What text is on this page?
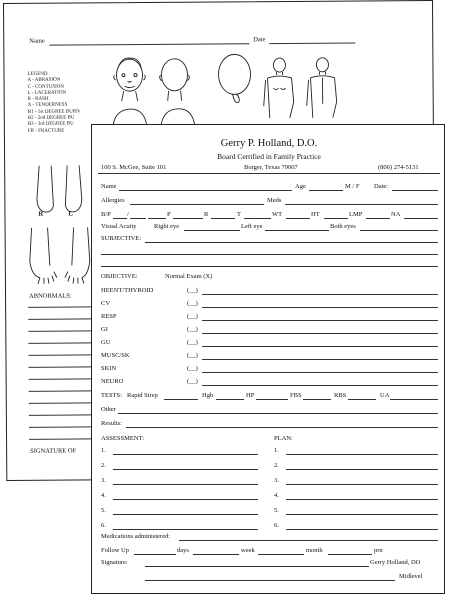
Name	Date
LEGEND
A - ABRASION
C - CONTUSION
L - LACERATION
R - RASH
X - TENDERNESS
B1 - 1st DEGREE BURN
B2 - 2nd DEGREE BU
B3 - 3rd DEGREE BU
FR - FRACTURE
R	L
ABNORMALS:
SIGNATURE OF
Gerry P. Holland, D.O.
Board Certified in Family Practice
100 S. McGee, Suite 101	Borger, Texas 79007	(806) 274-5131
Name	Age	M / F Date:
Allergies	Meds
B/P /	P	R	T	WT	HT	LMP	NA
Visual Acuity	Right eye	Left eye	Both eyes
SUBJECTIVE:
OBJECTIVE:	Normal Exam (X)
HEENT/THYROID	(__)
CV	(__)
RESP	(__)
GI	(__)
GU	(__)
MUSC/SK	(__)
SKIN	(__)
NEURO	(__)
TESTS: Rapid Strep	Hgb	HP	FBS	RBS	UA
Other
Results:
ASSESSMENT:	PLAN:
1.	1.
2.	2.
3.	3.
4.	4.
5.	5.
6.	6.
Medications administered:
Follow Up	days	week	month	prn
Signature:	Gerry Holland, DO
Midlevel
